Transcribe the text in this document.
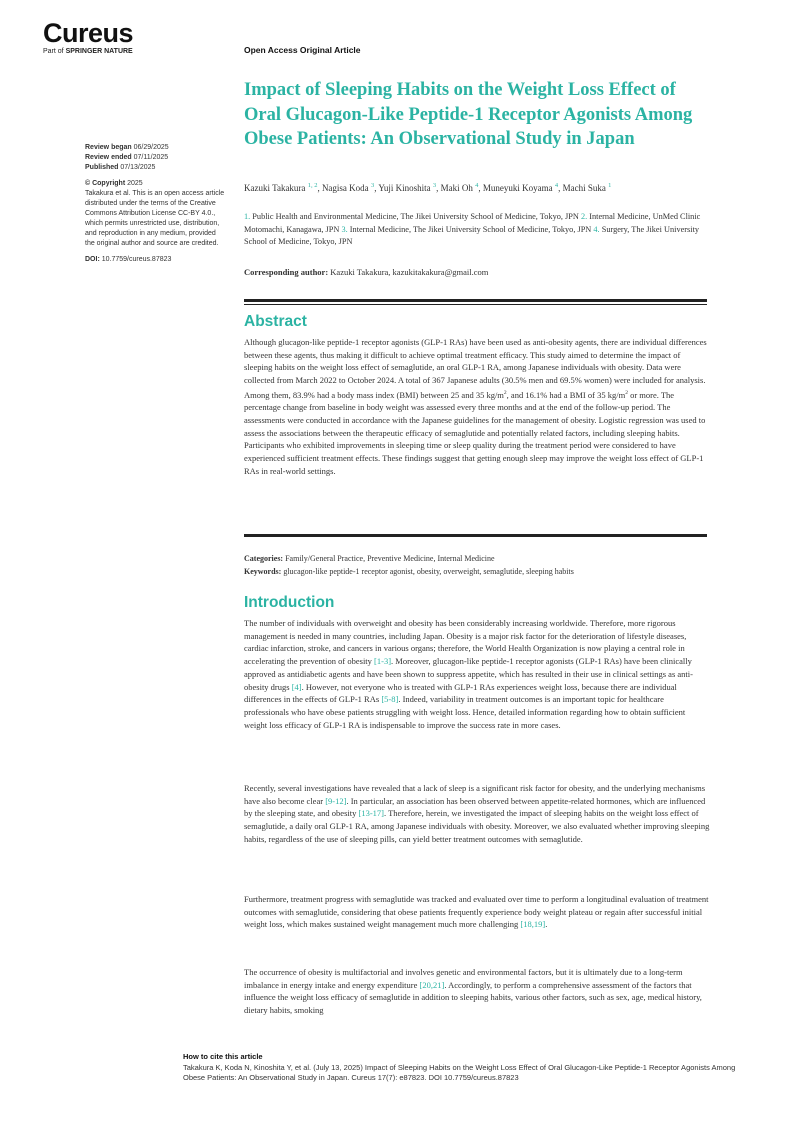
Cureus
Part of SPRINGER NATURE	Open Access Original Article
Review began 06/29/2025
Review ended 07/11/2025
Published 07/13/2025
© Copyright 2025
Takakura et al. This is an open access article distributed under the terms of the Creative Commons Attribution License CC-BY 4.0., which permits unrestricted use, distribution, and reproduction in any medium, provided the original author and source are credited.
DOI: 10.7759/cureus.87823
Impact of Sleeping Habits on the Weight Loss Effect of Oral Glucagon-Like Peptide-1 Receptor Agonists Among Obese Patients: An Observational Study in Japan
Kazuki Takakura $^{1, 2}$, Nagisa Koda $^3$, Yuji Kinoshita $^3$, Maki Oh $^4$, Muneyuki Koyama $^4$, Machi Suka $^1$
1. Public Health and Environmental Medicine, The Jikei University School of Medicine, Tokyo, JPN 2. Internal Medicine, UnMed Clinic Motomachi, Kanagawa, JPN 3. Internal Medicine, The Jikei University School of Medicine, Tokyo, JPN 4. Surgery, The Jikei University School of Medicine, Tokyo, JPN
Corresponding author: Kazuki Takakura, kazukitakakura@gmail.com
Abstract

Although glucagon-like peptide-1 receptor agonists (GLP-1 RAs) have been used as anti-obesity agents, there are individual differences between these agents, thus making it difficult to achieve optimal treatment efficacy. This study aimed to determine the impact of sleeping habits on the weight loss effect of semaglutide, an oral GLP-1 RA, among Japanese individuals with obesity. Data were collected from March 2022 to October 2024. A total of 367 Japanese adults (30.5% men and 69.5% women) were included for analysis. Among them, 83.9% had a body mass index (BMI) between 25 and 35 $kg/m^2$, and 16.1% had a BMI of 35 $kg/m^2$ or more. The percentage change from baseline in body weight was assessed every three months and at the end of the follow-up period. The assessments were conducted in accordance with the Japanese guidelines for the management of obesity. Logistic regression was used to assess the associations between the therapeutic efficacy of semaglutide and potentially related factors, including sleeping habits. Participants who exhibited improvements in sleeping time or sleep quality during the treatment period were considered to have experienced sufficient treatment effects. These findings suggest that getting enough sleep may improve the weight loss effect of GLP-1 RAs in real-world settings.

Categories: Family/General Practice, Preventive Medicine, Internal Medicine
Keywords: glucagon-like peptide-1 receptor agonist, obesity, overweight, semaglutide, sleeping habits
Introduction

The number of individuals with overweight and obesity has been considerably increasing worldwide. Therefore, more rigorous management is needed in many countries, including Japan. Obesity is a major risk factor for the deterioration of lifestyle diseases, cardiac infarction, stroke, and cancers in various organs; therefore, the World Health Organization is now playing a central role in accelerating the prevention of obesity [1-3]. Moreover, glucagon-like peptide-1 receptor agonists (GLP-1 RAs) have been clinically approved as antidiabetic agents and have been shown to suppress appetite, which has resulted in their use in clinical settings as anti-obesity drugs [4]. However, not everyone who is treated with GLP-1 RAs experiences weight loss, because there are individual differences in the effects of GLP-1 RAs [5-8]. Indeed, variability in treatment outcomes is an important topic for healthcare professionals who have obese patients struggling with weight loss. Hence, detailed information regarding how to obtain sufficient weight loss efficacy of GLP-1 RA is indispensable to improve the success rate in more cases.

Recently, several investigations have revealed that a lack of sleep is a significant risk factor for obesity, and the underlying mechanisms have also become clear [9-12]. In particular, an association has been observed between appetite-related hormones, which are influenced by the sleeping state, and obesity [13-17]. Therefore, herein, we investigated the impact of sleeping habits on the weight loss effect of semaglutide, a daily oral GLP-1 RA, among Japanese individuals with obesity. Moreover, we also evaluated whether improving sleeping habits, regardless of the use of sleeping pills, can yield better treatment outcomes with semaglutide.

Furthermore, treatment progress with semaglutide was tracked and evaluated over time to perform a longitudinal evaluation of treatment outcomes with semaglutide, considering that obese patients frequently experience body weight plateau or regain after successful initial weight loss, which makes sustained weight management much more challenging [18,19].

The occurrence of obesity is multifactorial and involves genetic and environmental factors, but it is ultimately due to a long-term imbalance in energy intake and energy expenditure [20,21]. Accordingly, to perform a comprehensive assessment of the factors that influence the weight loss efficacy of semaglutide in addition to sleeping habits, various other factors, such as sex, age, medical history, dietary habits, smoking

How to cite this article
Takakura K, Koda N, Kinoshita Y, et al. (July 13, 2025) Impact of Sleeping Habits on the Weight Loss Effect of Oral Glucagon-Like Peptide-1 Receptor Agonists Among Obese Patients: An Observational Study in Japan. Cureus 17(7): e87823. DOI 10.7759/cureus.87823
